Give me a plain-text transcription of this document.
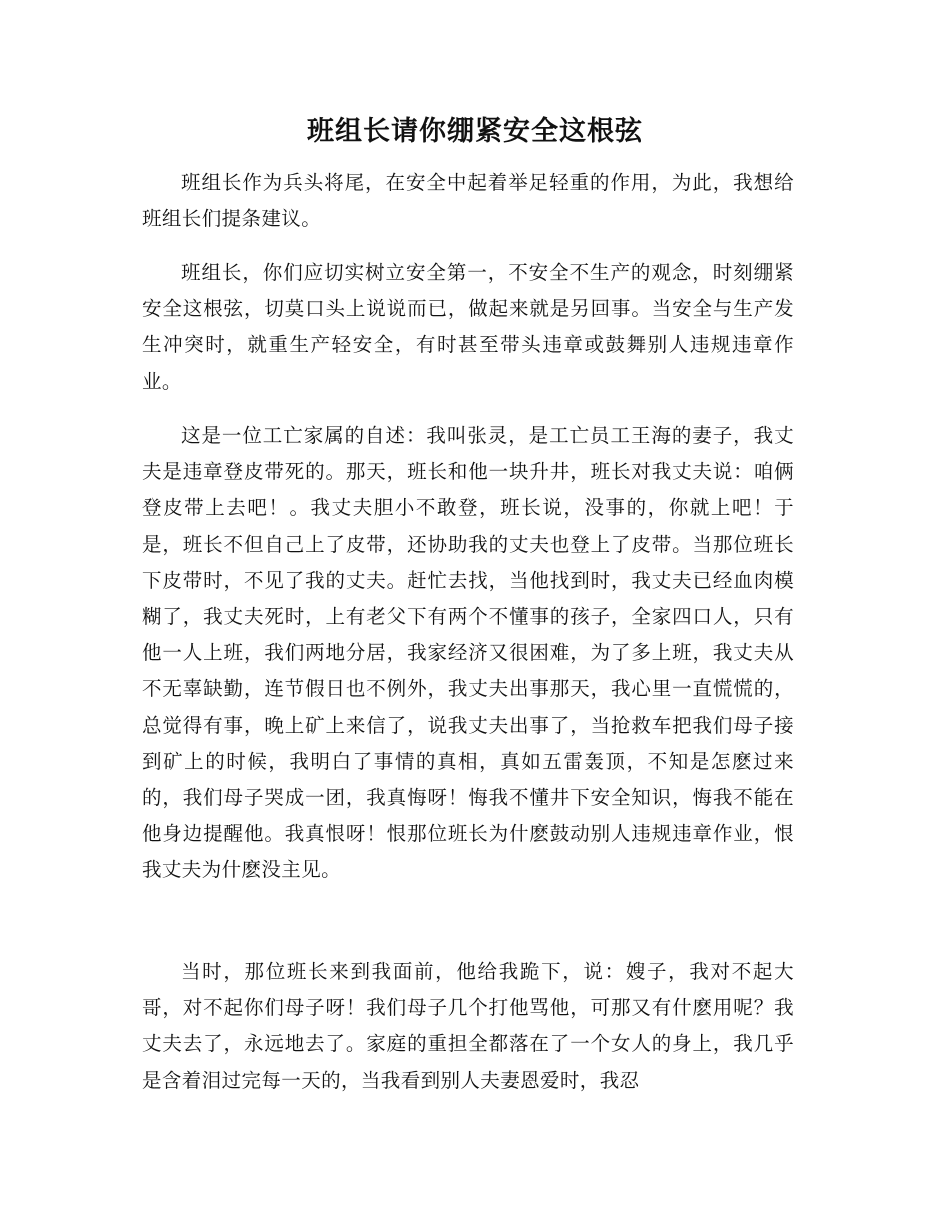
班组长请你绷紧安全这根弦

班组长作为兵头将尾，在安全中起着举足轻重的作用，为此，我想给班组长们提条建议。

班组长，你们应切实树立安全第一，不安全不生产的观念，时刻绷紧安全这根弦，切莫口头上说说而已，做起来就是另回事。当安全与生产发生冲突时，就重生产轻安全，有时甚至带头违章或鼓舞别人违规违章作业。

这是一位工亡家属的自述：我叫张灵，是工亡员工王海的妻子，我丈夫是违章登皮带死的。那天，班长和他一块升井，班长对我丈夫说：咱俩登皮带上去吧！。我丈夫胆小不敢登，班长说，没事的，你就上吧！于是，班长不但自己上了皮带，还协助我的丈夫也登上了皮带。当那位班长下皮带时，不见了我的丈夫。赶忙去找，当他找到时，我丈夫已经血肉模糊了，我丈夫死时，上有老父下有两个不懂事的孩子，全家四口人，只有他一人上班，我们两地分居，我家经济又很困难，为了多上班，我丈夫从不无辜缺勤，连节假日也不例外，我丈夫出事那天，我心里一直慌慌的，总觉得有事，晚上矿上来信了，说我丈夫出事了，当抢救车把我们母子接到矿上的时候，我明白了事情的真相，真如五雷轰顶，不知是怎麽过来的，我们母子哭成一团，我真悔呀！悔我不懂井下安全知识，悔我不能在他身边提醒他。我真恨呀！恨那位班长为什麽鼓动别人违规违章作业，恨我丈夫为什麽没主见。

当时，那位班长来到我面前，他给我跪下，说：嫂子，我对不起大哥，对不起你们母子呀！我们母子几个打他骂他，可那又有什麽用呢？我丈夫去了，永远地去了。家庭的重担全都落在了一个女人的身上，我几乎是含着泪过完每一天的，当我看到别人夫妻恩爱时，我忍
